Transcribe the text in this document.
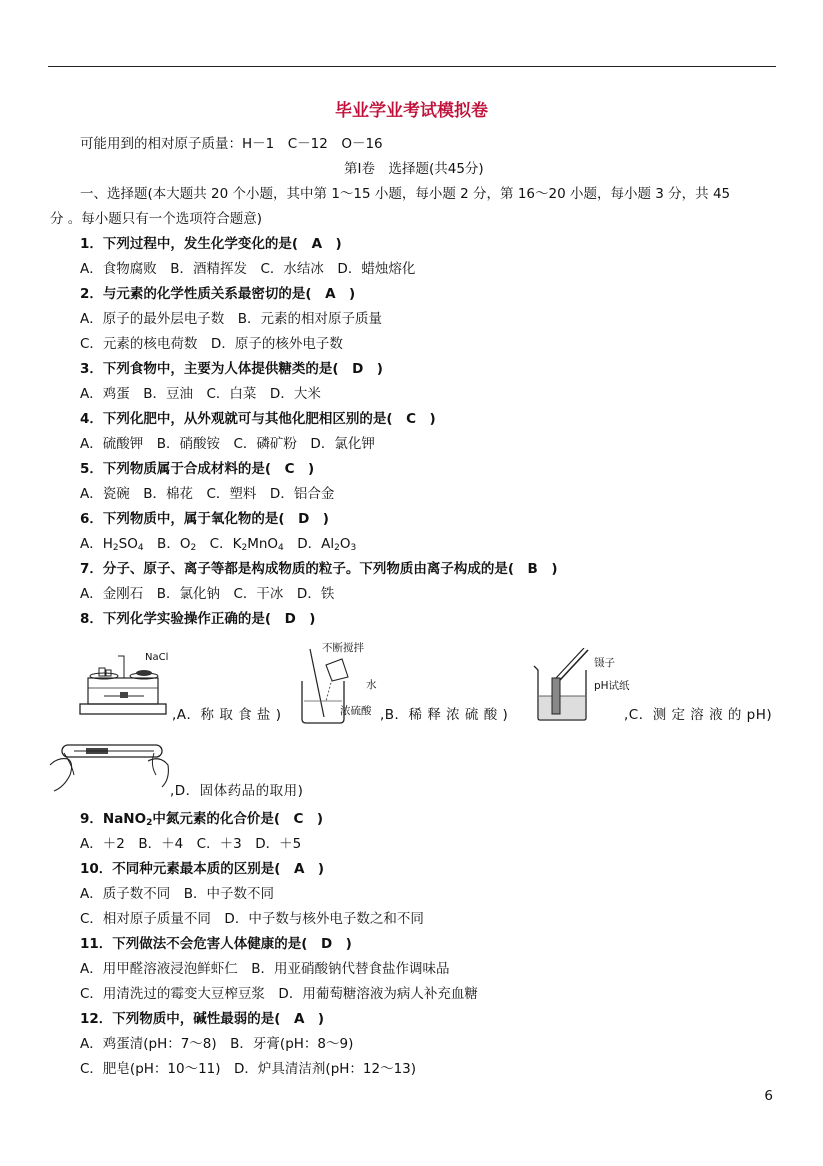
毕业学业考试模拟卷
可能用到的相对原子质量：H－1　C－12　O－16
第Ⅰ卷　选择题(共45分)
一、选择题(本大题共 20 个小题，其中第 1～15 小题，每小题 2 分，第 16～20 小题，每小题 3 分，共 45
分 。每小题只有一个选项符合题意)
1．下列过程中，发生化学变化的是(　A　)
A．食物腐败　B．酒精挥发　C．水结冰　D．蜡烛熔化
2．与元素的化学性质关系最密切的是(　A　)
A．原子的最外层电子数　B．元素的相对原子质量
C．元素的核电荷数　D．原子的核外电子数
3．下列食物中，主要为人体提供糖类的是(　D　)
A．鸡蛋　B．豆油　C．白菜　D．大米
4．下列化肥中，从外观就可与其他化肥相区别的是(　C　)
A．硫酸钾　B．硝酸铵　C．磷矿粉　D．氯化钾
5．下列物质属于合成材料的是(　C　)
A．瓷碗　B．棉花　C．塑料　D．铝合金
6．下列物质中，属于氧化物的是(　D　)
A．$H_2SO_4$　B．$O_2$　C．$K_2MnO_4$　D．$Al_2O_3$
7．分子、原子、离子等都是构成物质的粒子。下列物质由离子构成的是(　B　)
A．金刚石　B．氯化钠　C．干冰　D．铁
8．下列化学实验操作正确的是(　D　)
NaCl
,A．称 取 食 盐 )
不断搅拌
水
浓硫酸 ,B．稀 释 浓 硫 酸 )
镊子
pH试纸
,C．测 定 溶 液 的 pH)
,D．固体药品的取用)
9．NaNO$_2$中氮元素的化合价是(　C　)
A．＋2　B．＋4　C．＋3　D．＋5
10．不同种元素最本质的区别是(　A　)
A．质子数不同　B．中子数不同
C．相对原子质量不同　D．中子数与核外电子数之和不同
11．下列做法不会危害人体健康的是(　D　)
A．用甲醛溶液浸泡鲜虾仁　B．用亚硝酸钠代替食盐作调味品
C．用清洗过的霉变大豆榨豆浆　D．用葡萄糖溶液为病人补充血糖
12．下列物质中，碱性最弱的是(　A　)
A．鸡蛋清(pH：7～8)　B．牙膏(pH：8～9)
C．肥皂(pH：10～11)　D．炉具清洁剂(pH：12～13)
6
